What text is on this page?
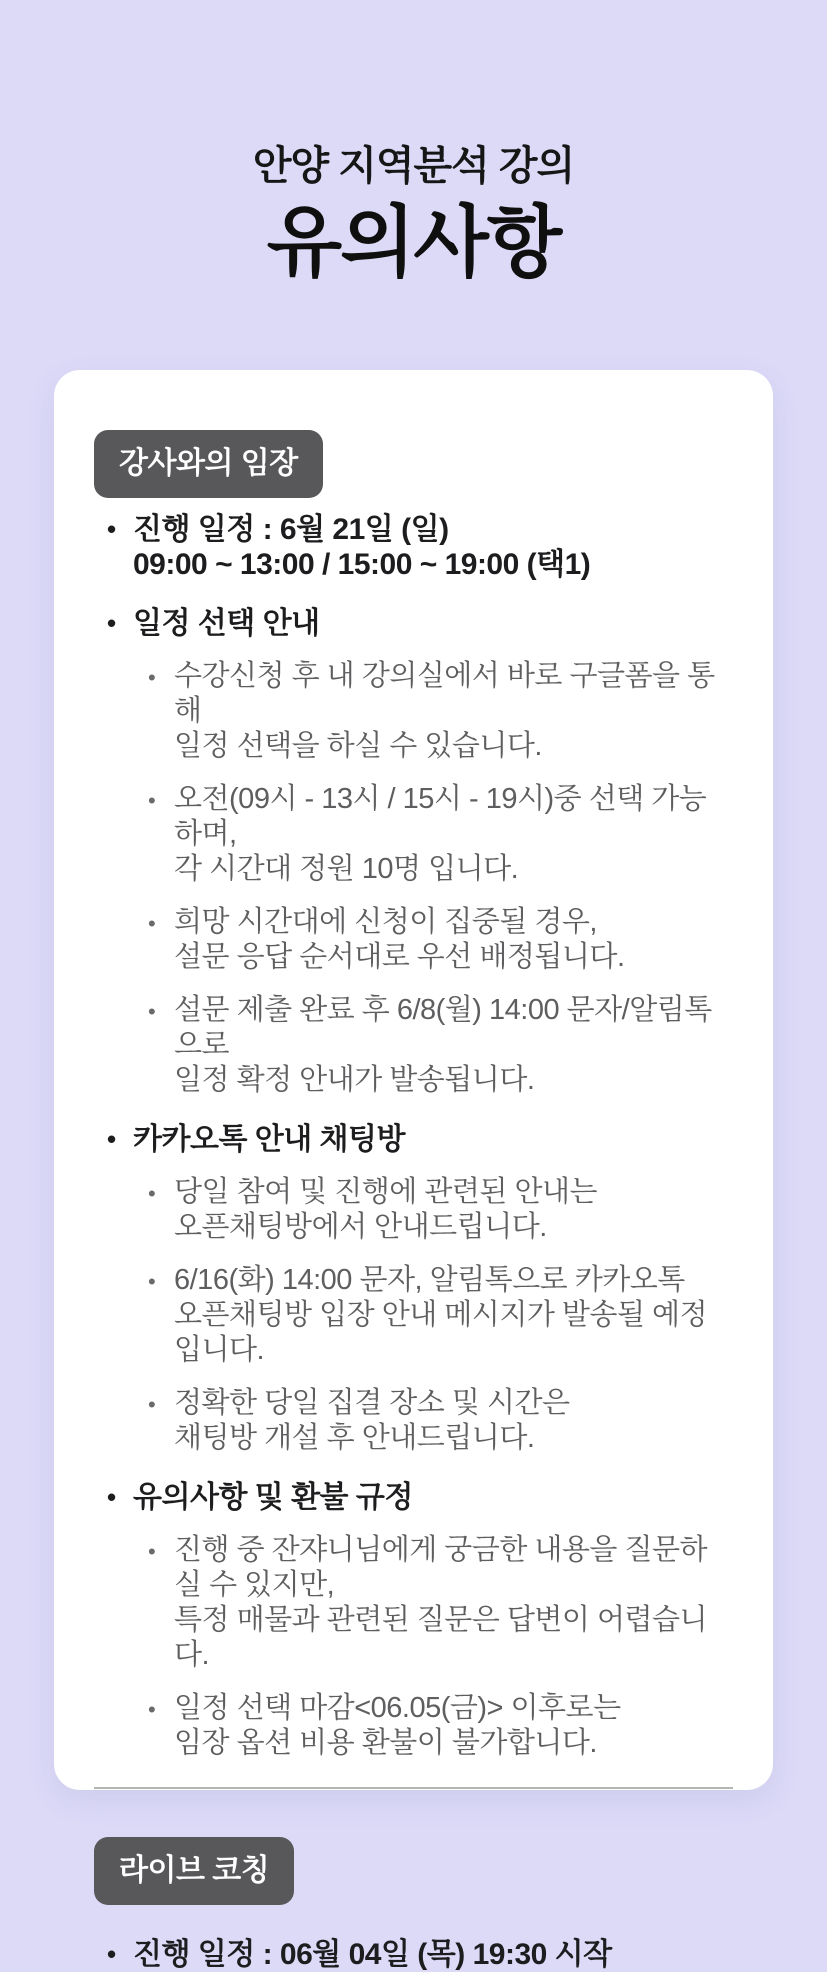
안양 지역분석 강의
유의사항
강사와의 임장
• 진행 일정 : 6월 21일 (일)
09:00 ~ 13:00 / 15:00 ~ 19:00 (택1)
• 일정 선택 안내
• 수강신청 후 내 강의실에서 바로 구글폼을 통해
일정 선택을 하실 수 있습니다.
• 오전(09시 - 13시 / 15시 - 19시)중 선택 가능하며,
각 시간대 정원 10명 입니다.
• 희망 시간대에 신청이 집중될 경우,
설문 응답 순서대로 우선 배정됩니다.
• 설문 제출 완료 후 6/8(월) 14:00 문자/알림톡으로
일정 확정 안내가 발송됩니다.
• 카카오톡 안내 채팅방
• 당일 참여 및 진행에 관련된 안내는
오픈채팅방에서 안내드립니다.
• 6/16(화) 14:00 문자, 알림톡으로 카카오톡
오픈채팅방 입장 안내 메시지가 발송될 예정입니다.
• 정확한 당일 집결 장소 및 시간은
채팅방 개설 후 안내드립니다.
• 유의사항 및 환불 규정
• 진행 중 잔쟈니님에게 궁금한 내용을 질문하실 수 있지만,
특정 매물과 관련된 질문은 답변이 어렵습니다.
• 일정 선택 마감<06.05(금)> 이후로는
임장 옵션 비용 환불이 불가합니다.
라이브 코칭
• 진행 일정 : 06월 04일 (목) 19:30 시작
